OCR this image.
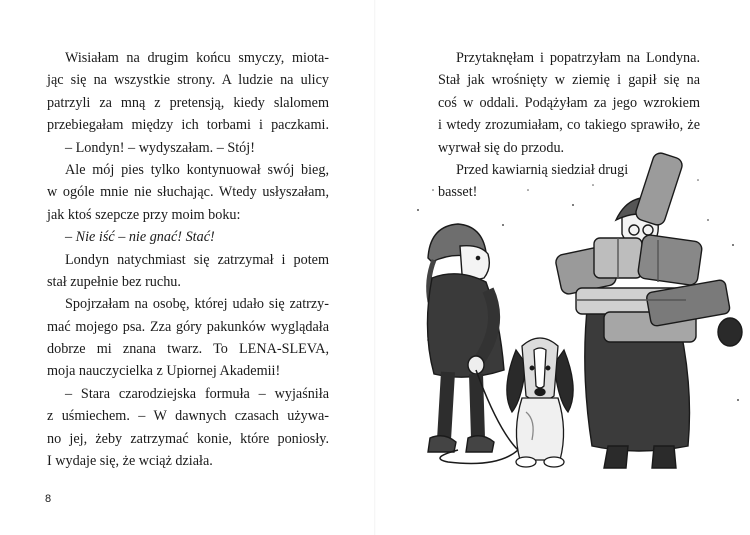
Wisiałam na drugim końcu smyczy, miota-
jąc się na wszystkie strony. A ludzie na ulicy
patrzyli za mną z pretensją, kiedy slalomem
przebiegałam między ich torbami i paczkami.
– Londyn! – wydyszałam. – Stój!
Ale mój pies tylko kontynuował swój bieg,
w ogóle mnie nie słuchając. Wtedy usłyszałam,
jak ktoś szepcze przy moim boku:
– Nie iść – nie gnać! Stać!
Londyn natychmiast się zatrzymał i potem
stał zupełnie bez ruchu.
Spojrzałam na osobę, której udało się zatrzy-
mać mojego psa. Zza góry pakunków wyglądała
dobrze mi znana twarz. To LENA-SLEVA,
moja nauczycielka z Upiornej Akademii!
– Stara czarodziejska formuła – wyjaśniła
z uśmiechem. – W dawnych czasach używa-
no jej, żeby zatrzymać konie, które poniosły.
I wydaje się, że wciąż działa.
8
Przytaknęłam i popatrzyłam na Londyna.
Stał jak wrośnięty w ziemię i gapił się na
coś w oddali. Podążyłam za jego wzrokiem
i wtedy zrozumiałam, co takiego sprawiło, że
wyrwał się do przodu.
Przed kawiarnią siedział drugi
basset!
